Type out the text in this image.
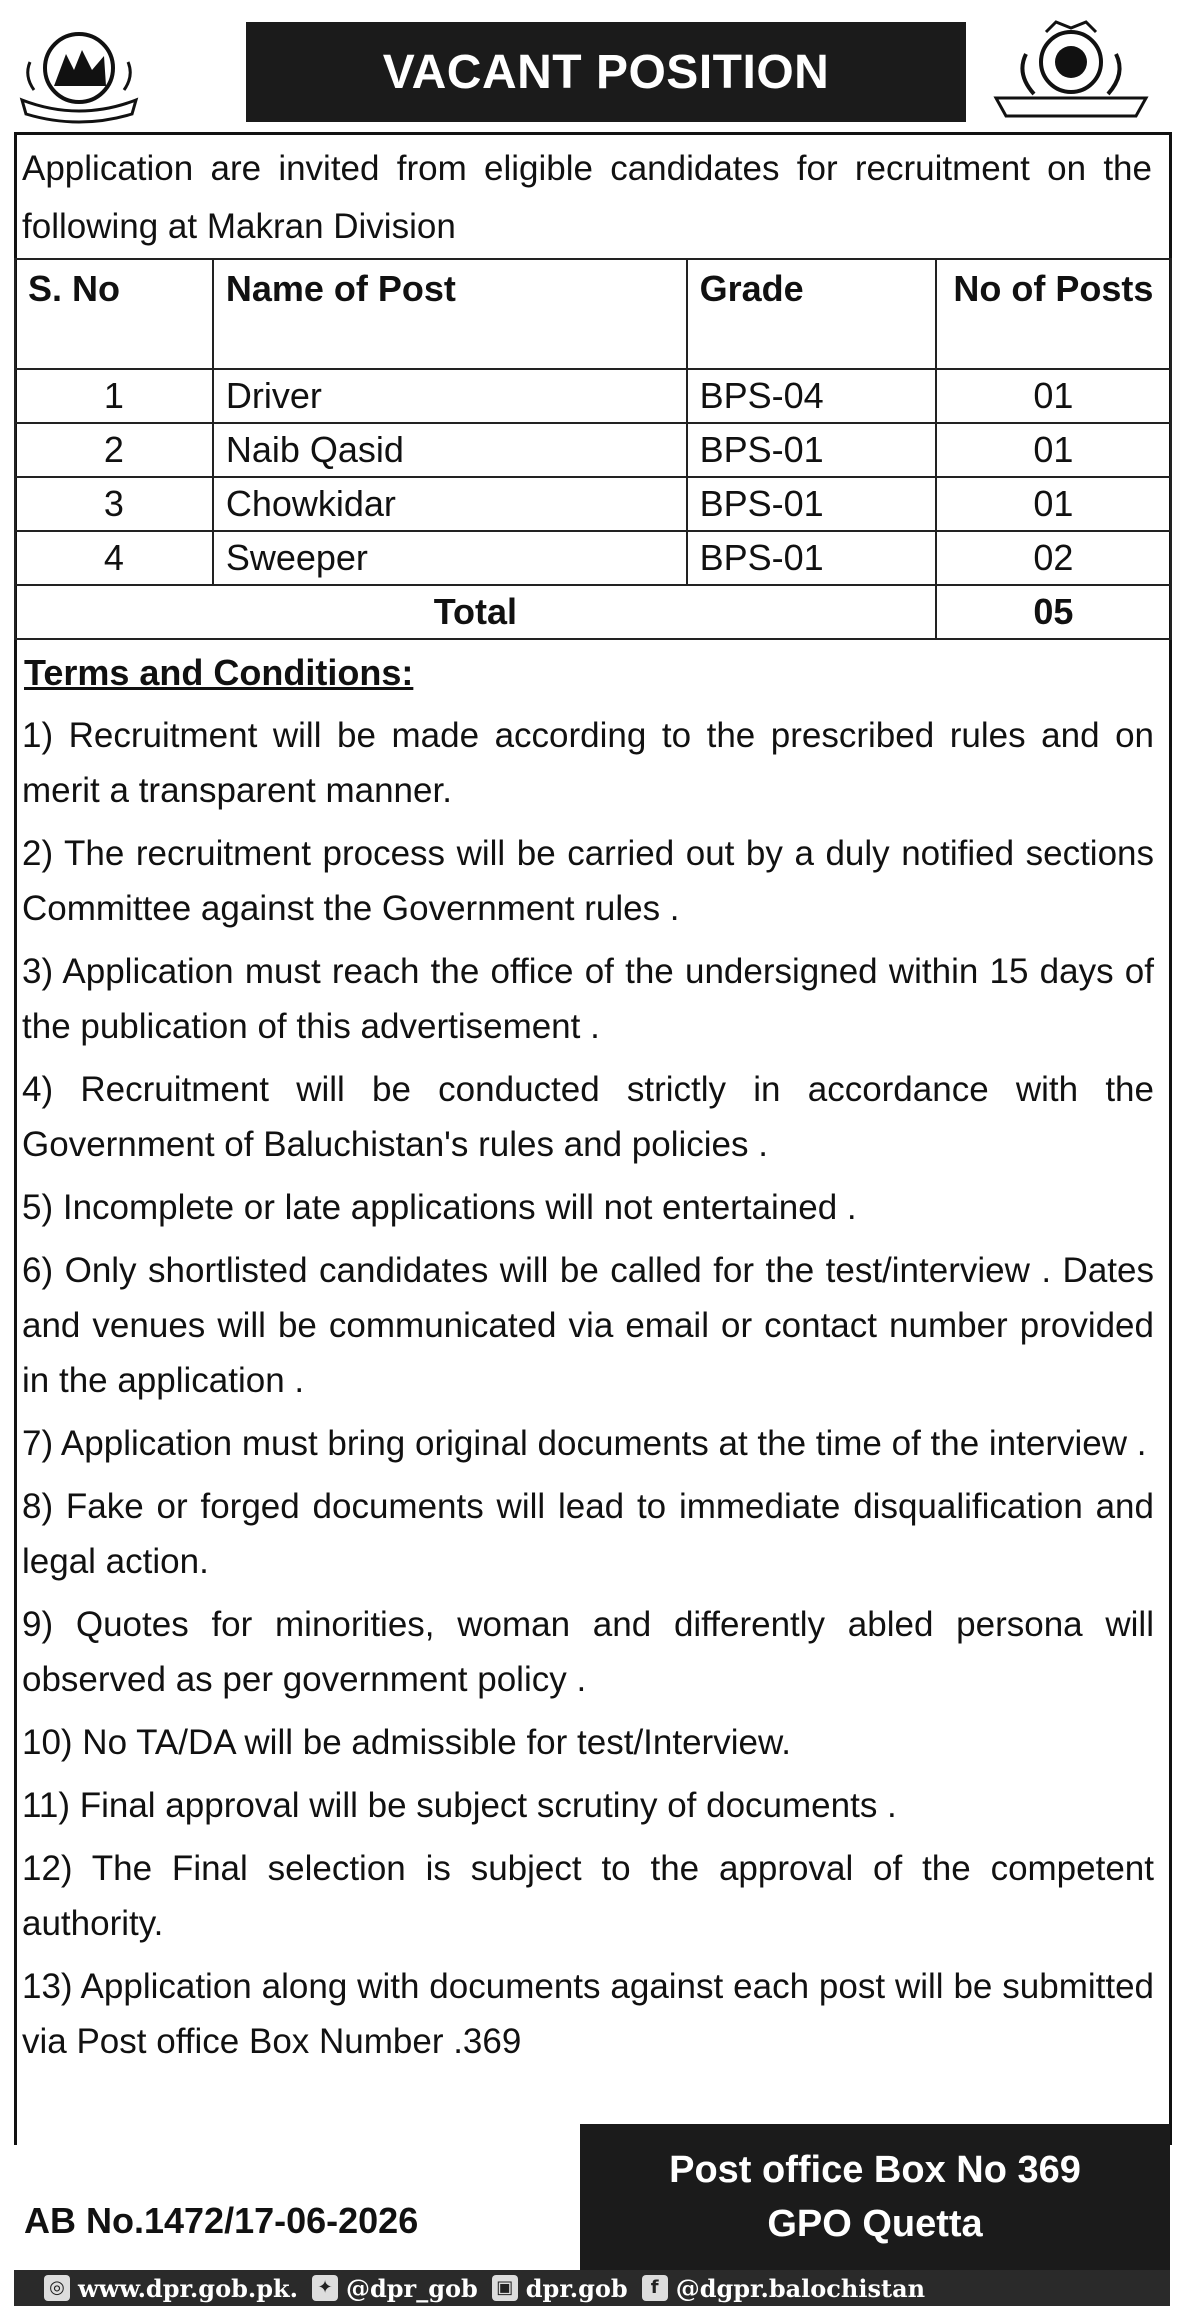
VACANT POSITION
Application are invited from eligible candidates for recruitment on the following at Makran Division
S. No	Name of Post	Grade	No of Posts
1	Driver	BPS-04	01
2	Naib Qasid	BPS-01	01
3	Chowkidar	BPS-01	01
4	Sweeper	BPS-01	02
Total			05
Terms and Conditions:
1) Recruitment will be made according to the prescribed rules and on merit a transparent manner.
2) The recruitment process will be carried out by a duly notified sections Committee against the Government rules .
3) Application must reach the office of the undersigned within 15 days of the publication of this advertisement .
4) Recruitment will be conducted strictly in accordance with the Government of Baluchistan's rules and policies .
5) Incomplete or late applications will not entertained .
6) Only shortlisted candidates will be called for the test/interview . Dates and venues will be communicated via email or contact number provided in the application .
7) Application must bring original documents at the time of the interview .
8) Fake or forged documents will lead to immediate disqualification and legal action.
9) Quotes for minorities, woman and differently abled persona will observed as per government policy .
10) No TA/DA will be admissible for test/Interview.
11) Final approval will be subject scrutiny of documents .
12) The Final selection is subject to the approval of the competent authority.
13) Application along with documents against each post will be submitted via Post office Box Number .369
Post office Box No 369
GPO Quetta
AB No.1472/17-06-2026
◎ www.dpr.gob.pk.	✦ @dpr_gob ▣ dpr.gob	f @dgpr.balochistan
